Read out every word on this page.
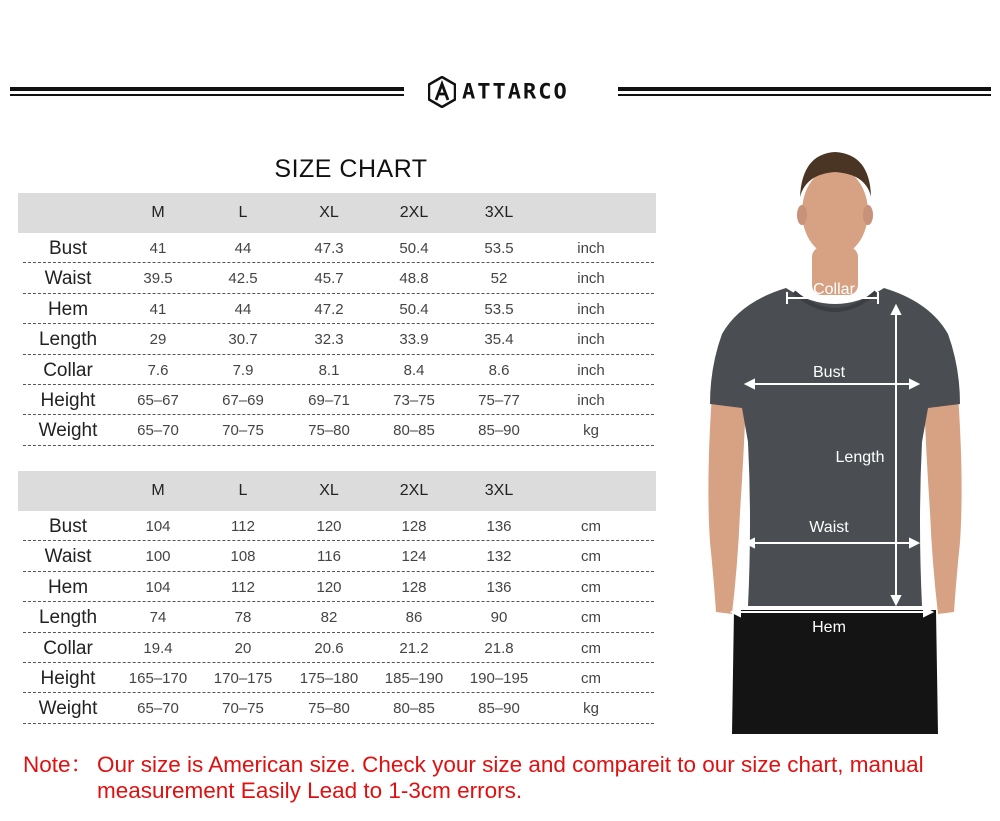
ATTARCO
SIZE CHART
M	L	XL	2XL	3XL
Bust	41	44	47.3	50.4	53.5	inch
Waist	39.5	42.5	45.7	48.8	52	inch
Hem	41	44	47.2	50.4	53.5	inch
Length	29	30.7	32.3	33.9	35.4	inch
Collar	7.6	7.9	8.1	8.4	8.6	inch
Height	65–67	67–69	69–71	73–75	75–77	inch
Weight	65–70	70–75	75–80	80–85	85–90	kg
M	L	XL	2XL	3XL
Bust	104	112	120	128	136	cm
Waist	100	108	116	124	132	cm
Hem	104	112	120	128	136	cm
Length	74	78	82	86	90	cm
Collar	19.4	20	20.6	21.2	21.8	cm
Height 165–170 170–175 175–180 185–190 190–195	cm
Weight	65–70	70–75	75–80	80–85	85–90	kg
Collar
Bust
Length
Waist
Hem
Note： Our size is American size. Check your size and compareit to our size chart, manual
measurement Easily Lead to 1-3cm errors.
